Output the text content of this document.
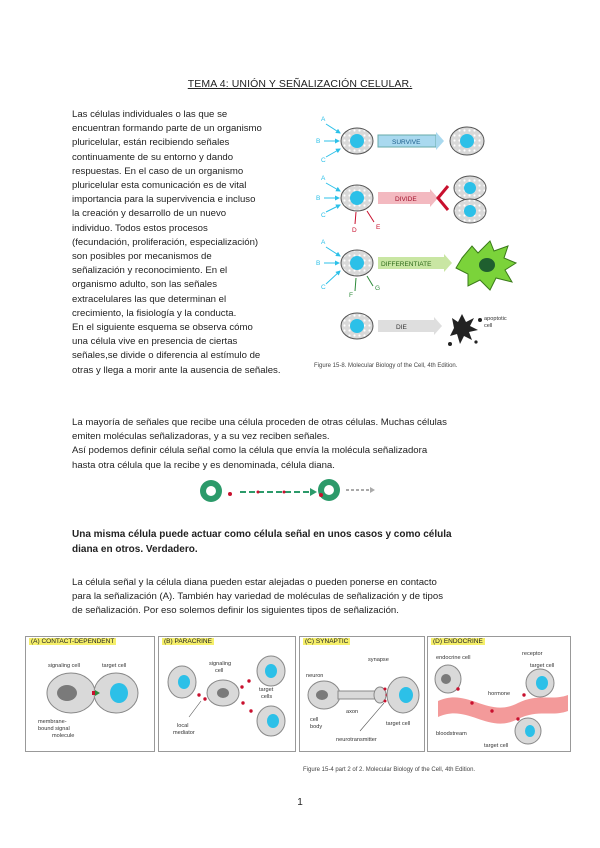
TEMA 4: UNIÓN Y SEÑALIZACIÓN CELULAR.
Las células individuales o las que se
encuentran formando parte de un organismo
pluricelular, están recibiendo señales
continuamente de su entorno y dando
respuestas. En el caso de un organismo
pluricelular esta comunicación es de vital
importancia para la supervivencia e incluso
la creación y desarrollo de un nuevo
individuo. Todos estos procesos
(fecundación, proliferación, especialización)
son posibles por mecanismos de
señalización y reconocimiento. En el
organismo adulto, son las señales
extracelulares las que determinan el
crecimiento, la fisiología y la conducta.
En el siguiente esquema se observa cómo
una célula vive en presencia de ciertas
señales,se divide o diferencia al estímulo de
otras y llega a morir ante la ausencia de señales.
A
B
C
SURVIVE
A
B
C
D	E
DIVIDE
A
B
C
F
G
DIFFERENTIATE
DIE
apoptotic
cell
Figure 15-8. Molecular Biology of the Cell, 4th Edition.
La mayoría de señales que recibe una célula proceden de otras células. Muchas células
emiten moléculas señalizadoras, y a su vez reciben señales.
Así podemos definir célula señal como la célula que envía la molécula señalizadora
hasta otra célula que la recibe y es denominada, célula diana.
Una misma célula puede actuar como célula señal en unos casos y como célula
diana en otros. Verdadero.
La célula señal y la célula diana pueden estar alejadas o pueden ponerse en contacto
para la señalización (A). También hay variedad de moléculas de señalización y de tipos
de señalización. Por eso solemos definir los siguientes tipos de señalización.
(A) CONTACT-DEPENDENT
signaling cell	target cell
membrane-
bound signal
molecule
(B) PARACRINE
signaling
cell
target
cells
local
mediator
(C) SYNAPTIC
synapse
neuron
axon
cell
body	target cell
neurotransmitter
(D) ENDOCRINE
endocrine cell
receptor
target cell
hormone
bloodstream
target cell
Figure 15-4 part 2 of 2. Molecular Biology of the Cell, 4th Edition.
1
